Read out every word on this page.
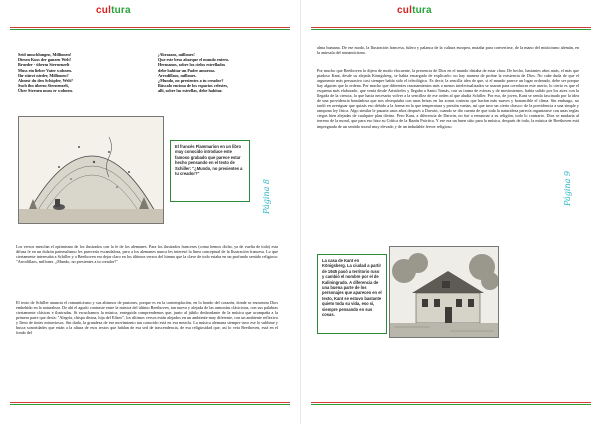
cultura
Seid umschlungen, Millionen!
Diesen Kuss der ganzen Welt!
Brueder - überm Sternenzelt
Muss ein lieber Vater wohnen.
Ihr stürzt nieder, Millionen?
Ahnest du den Schöpfer, Welt?
Such ihn überm Sternenzelt,
Über Sternen muss er wohnen.
¡Abrazaos, millones!
Que este beso abarque el mundo entero.
Hermanos, sobre los cielos estrellados
debe habitar un Padre amoroso.
Arrodillaos, millones.
¿Mundo, no presientes a tu creador?
Búscalo encima de los espacios celestes,
allí, sobre las estrellas, debe habitar.
El francés Flammarion en un libro muy conocido introduce este famoso grabado que parece estar hecho pensando en el texto de Schiller: "¿Mundo, no presientes a tu creador?"
Página 8
Los versos mezclan el optimismo de los ilustrados con la fe de los alemanes. Para los ilustrados franceses (como hemos dicho, ya de vuelta de todo) esta difusa fe en un dulzón paternalismo les parecería escandalosa, pero a los alemanes nunca les interesó la línea conceptual de la Ilustración francesa. Lo que ciertamente interesaba a Schiller y a Beethoven era dejar claro en los últimos versos del himno que la clave de todo estaba en un profundo sentido religioso: "Arrodillaos, millones. ¿Mundo, no presientes a tu creador?"
El texto de Schiller anuncia el romanticismo y sus abismos de pasiones, porque es en la contemplación, en lo hondo del corazón, donde se encuentra Dios embebido en la naturaleza. De ahí el agudo contraste entre la música del último Beethoven, tan nueva y alejada de las armonías clásicistas, con sus palabras ciertamente clásicas e ilustradas. Si escuchamos la música, enseguida comprendemos que, junto al júbilo desbordante de la música que acompaña a la primera parte que decía: "Alegría, chispa divina, hija del Elíseo", los últimos versos están alejados en un ambiente muy diferente, con un ambiente reflexivo y lleno de tintes misteriosos. Sin duda, la grandeza de ese movimiento tan conocido está en esa mezcla. La música alemana siempre tuvo ese lo sublime y busca sonoridades que están a la altura de esos textos que hablan de esa sed de trascendencia, de esa religiosidad que, así lo veía Beethoven, está en el fondo del
cultura
alma humana. De ese modo, la Ilustración francesa, fulero y palanca de la cultura europea, mutaba para convertirse, de la mano del misticismo alemán, en la antesala del romanticismo.
Por mucho que Beethoven lo dijera de modo elocuente, la presencia de Dios en el mundo distaba de estar clara. De hecho, bastantes años atrás, el más que piadoso Kant, desde su alejada Königsberg, se había encargado de explicarlo: no hay manera de probar la existencia de Dios. No cabe duda de que el argumento más persuasivo casi siempre había sido el teleológico. Es decir, la sencilla idea de que, si el mundo parece un lugar ordenado, debe ser porque hay alguien que lo ordena. Por mucho que diferentes razonamientos más o menos intelectualizados se usaran para corroborar este aserto, lo cierto es que el esquema más elaborado, que venía desde Aristóteles y llegaba a Santo Tomás, con su trama de esferas y de movimientos, había salido por los aires con la llegada de la ciencia, lo que hacía necesario volver a la sencillez de ese orden al que aludía Schiller. Por eso, de joven, Kant se sentía fascinado por la idea de una providencia bondadosa que nos obsequiaba con unas brisas en las zonas costeras que hacían más suaves y bonancible el clima. Sin embargo, no tardó en averiguar que quizás eso debido a la forma en la que temperatura y presión varían, así que tuvo un cierto chasco: de la providencia a una simple y rampona ley física. Algo similar le pasaría unos años después a Darwin, cuando se dio cuenta de que toda la naturaleza parecía organizarse con unas reglas ciegas bien alejadas de cualquier plan divino. Pero Kant, a diferencia de Darwin, no fue a renunciar a su religión, todo lo contrario. Dios se mudaría al terreno de la moral, que para eso hizo su Crítica de la Razón Práctica. Y ese era un buen sitio para la música, después de todo, la música de Beethoven está impregnada de un sentido moral muy elevado y de un indudable fervor religioso.
La casa de Kant en Königsberg. La ciudad a partir de 1945 pasó a territorio ruso y cambió el nombre por el de Kaliningrado. A diferencia de una buena parte de los personajes que aparecen en el texto, Kant se estuvo bastante quieto toda su vida, eso sí, siempre pensando en sus cosas.
Página 9
